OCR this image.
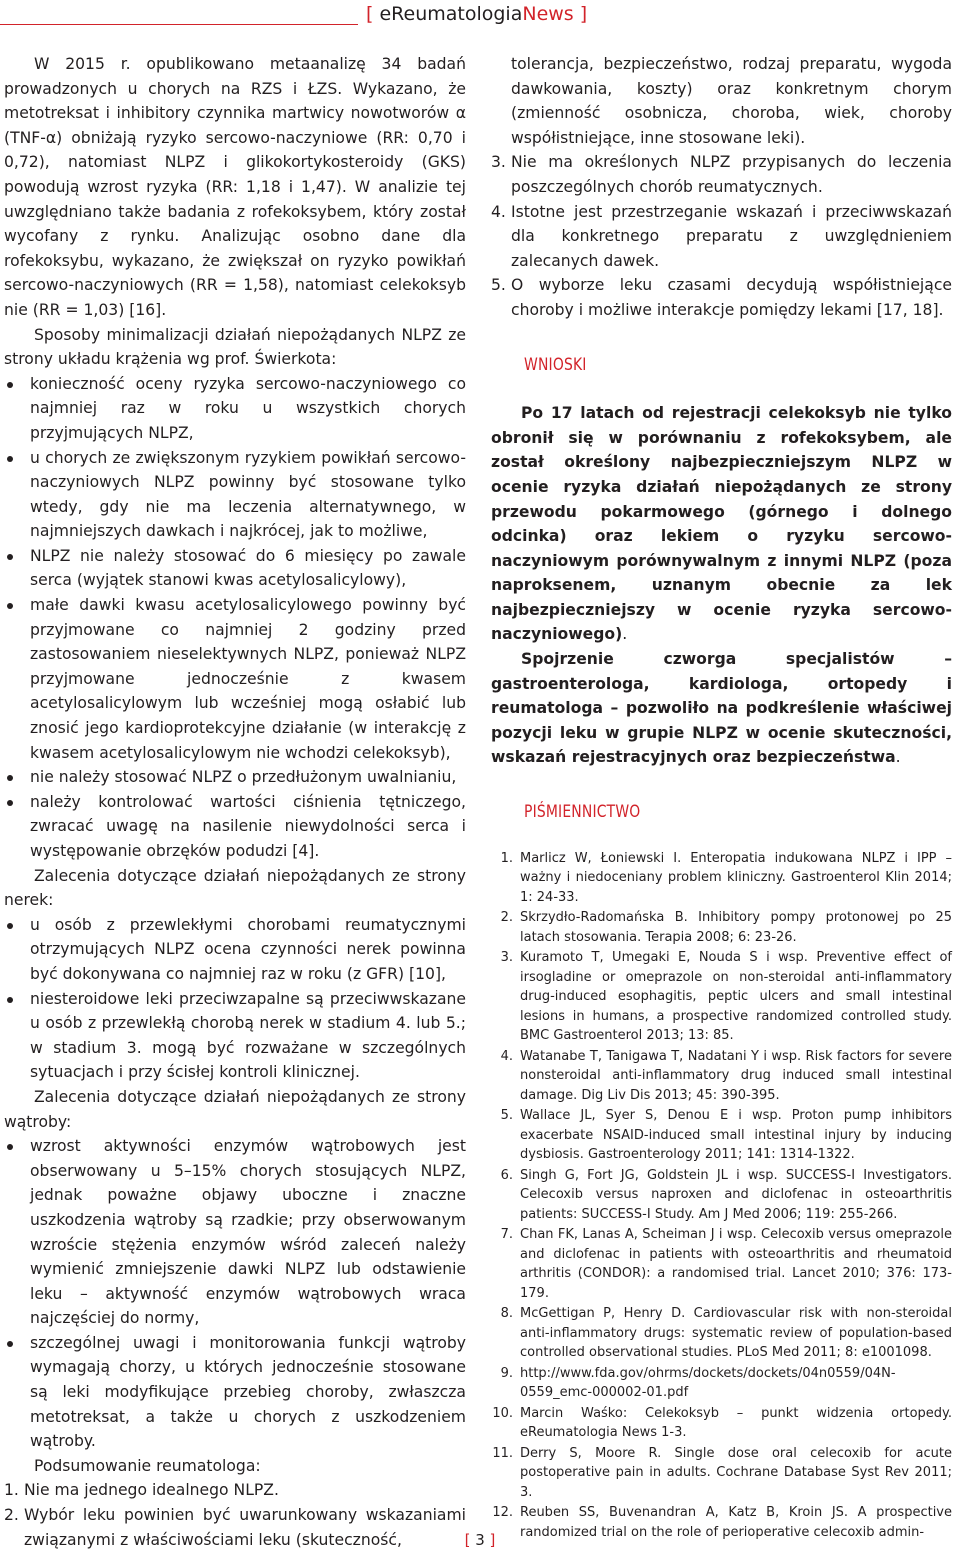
[ eReumatologiaNews ]

W 2015 r. opublikowano metaanalizę 34 badań prowadzonych u chorych na RZS i ŁZS. Wykazano, że metotreksat i inhibitory czynnika martwicy nowotworów α (TNF-α) obniżają ryzyko sercowo-naczyniowe (RR: 0,70 i 0,72), natomiast NLPZ i glikokortykosteroidy (GKS) powodują wzrost ryzyka (RR: 1,18 i 1,47). W analizie tej uwzględniano także badania z rofekoksybem, który został wycofany z rynku. Analizując osobno dane dla rofekoksybu, wykazano, że zwiększał on ryzyko powikłań sercowo-naczyniowych (RR = 1,58), natomiast celekoksyb nie (RR = 1,03) [16].

Sposoby minimalizacji działań niepożądanych NLPZ ze strony układu krążenia wg prof. Świerkota:

konieczność oceny ryzyka sercowo-naczyniowego co najmniej raz w roku u wszystkich chorych przyjmujących NLPZ,
u chorych ze zwiększonym ryzykiem powikłań sercowo-naczyniowych NLPZ powinny być stosowane tylko wtedy, gdy nie ma leczenia alternatywnego, w najmniejszych dawkach i najkrócej, jak to możliwe,
NLPZ nie należy stosować do 6 miesięcy po zawale serca (wyjątek stanowi kwas acetylosalicylowy),
małe dawki kwasu acetylosalicylowego powinny być przyjmowane co najmniej 2 godziny przed zastosowaniem nieselektywnych NLPZ, ponieważ NLPZ przyjmowane jednocześnie z kwasem acetylosalicylowym lub wcześniej mogą osłabić lub znosić jego kardioprotekcyjne działanie (w interakcję z kwasem acetylosalicylowym nie wchodzi celekoksyb),
nie należy stosować NLPZ o przedłużonym uwalnianiu,
należy kontrolować wartości ciśnienia tętniczego, zwracać uwagę na nasilenie niewydolności serca i występowanie obrzęków podudzi [4].

Zalecenia dotyczące działań niepożądanych ze strony nerek:

u osób z przewlekłymi chorobami reumatycznymi otrzymujących NLPZ ocena czynności nerek powinna być dokonywana co najmniej raz w roku (z GFR) [10],
niesteroidowe leki przeciwzapalne są przeciwwskazane u osób z przewlekłą chorobą nerek w stadium 4. lub 5.; w stadium 3. mogą być rozważane w szczególnych sytuacjach i przy ścisłej kontroli klinicznej.

Zalecenia dotyczące działań niepożądanych ze strony wątroby:

wzrost aktywności enzymów wątrobowych jest obserwowany u 5–15% chorych stosujących NLPZ, jednak poważne objawy uboczne i znaczne uszkodzenia wątroby są rzadkie; przy obserwowanym wzroście stężenia enzymów wśród zaleceń należy wymienić zmniejszenie dawki NLPZ lub odstawienie leku – aktywność enzymów wątrobowych wraca najczęściej do normy,
szczególnej uwagi i monitorowania funkcji wątroby wymagają chorzy, u których jednocześnie stosowane są leki modyfikujące przebieg choroby, zwłaszcza metotreksat, a także u chorych z uszkodzeniem wątroby.

Podsumowanie reumatologa:

1. Nie ma jednego idealnego NLPZ.
2. Wybór leku powinien być uwarunkowany wskazaniami związanymi z właściwościami leku (skuteczność,

tolerancja, bezpieczeństwo, rodzaj preparatu, wygoda dawkowania, koszty) oraz konkretnym chorym (zmienność osobnicza, choroba, wiek, choroby współistniejące, inne stosowane leki).

3. Nie ma określonych NLPZ przypisanych do leczenia poszczególnych chorób reumatycznych.
4. Istotne jest przestrzeganie wskazań i przeciwwskazań dla konkretnego preparatu z uwzględnieniem zalecanych dawek.
5. O wyborze leku czasami decydują współistniejące choroby i możliwe interakcje pomiędzy lekami [17, 18].
WNIOSKI

Po 17 latach od rejestracji celekoksyb nie tylko obronił się w porównaniu z rofekoksybem, ale został określony najbezpieczniejszym NLPZ w ocenie ryzyka działań niepożądanych ze strony przewodu pokarmowego (górnego i dolnego odcinka) oraz lekiem o ryzyku sercowo-naczyniowym porównywalnym z innymi NLPZ (poza naproksenem, uznanym obecnie za lek najbezpieczniejszy w ocenie ryzyka sercowo-naczyniowego).

Spojrzenie czworga specjalistów – gastroenterologa, kardiologa, ortopedy i reumatologa – pozwoliło na podkreślenie właściwej pozycji leku w grupie NLPZ w ocenie skuteczności, wskazań rejestracyjnych oraz bezpieczeństwa.

PIŚMIENNICTWO
1. Marlicz W, Łoniewski I. Enteropatia indukowana NLPZ i IPP – ważny i niedoceniany problem kliniczny. Gastroenterol Klin 2014; 1: 24-33.
2. Skrzydło-Radomańska B. Inhibitory pompy protonowej po 25 latach stosowania. Terapia 2008; 6: 23-26.
3. Kuramoto T, Umegaki E, Nouda S i wsp. Preventive effect of irsogladine or omeprazole on non-steroidal anti-inflammatory drug-induced esophagitis, peptic ulcers and small intestinal lesions in humans, a prospective randomized controlled study. BMC Gastroenterol 2013; 13: 85.
4. Watanabe T, Tanigawa T, Nadatani Y i wsp. Risk factors for severe nonsteroidal anti-inflammatory drug induced small intestinal damage. Dig Liv Dis 2013; 45: 390-395.
5. Wallace JL, Syer S, Denou E i wsp. Proton pump inhibitors exacerbate NSAID-induced small intestinal injury by inducing dysbiosis. Gastroenterology 2011; 141: 1314-1322.
6. Singh G, Fort JG, Goldstein JL i wsp. SUCCESS-I Investigators. Celecoxib versus naproxen and diclofenac in osteoarthritis patients: SUCCESS-I Study. Am J Med 2006; 119: 255-266.
7. Chan FK, Lanas A, Scheiman J i wsp. Celecoxib versus omeprazole and diclofenac in patients with osteoarthritis and rheumatoid arthritis (CONDOR): a randomised trial. Lancet 2010; 376: 173-179.
8. McGettigan P, Henry D. Cardiovascular risk with non-steroidal anti-inflammatory drugs: systematic review of population-based controlled observational studies. PLoS Med 2011; 8: e1001098.
9. http://www.fda.gov/ohrms/dockets/dockets/04n0559/04N-0559_emc-000002-01.pdf
10. Marcin Waśko: Celekoksyb – punkt widzenia ortopedy. eReumatologia News 1-3.
11. Derry S, Moore R. Single dose oral celecoxib for acute postoperative pain in adults. Cochrane Database Syst Rev 2011; 3.
12. Reuben SS, Buvenandran A, Katz B, Kroin JS. A prospective randomized trial on the role of perioperative celecoxib admin-
[ 3 ]
